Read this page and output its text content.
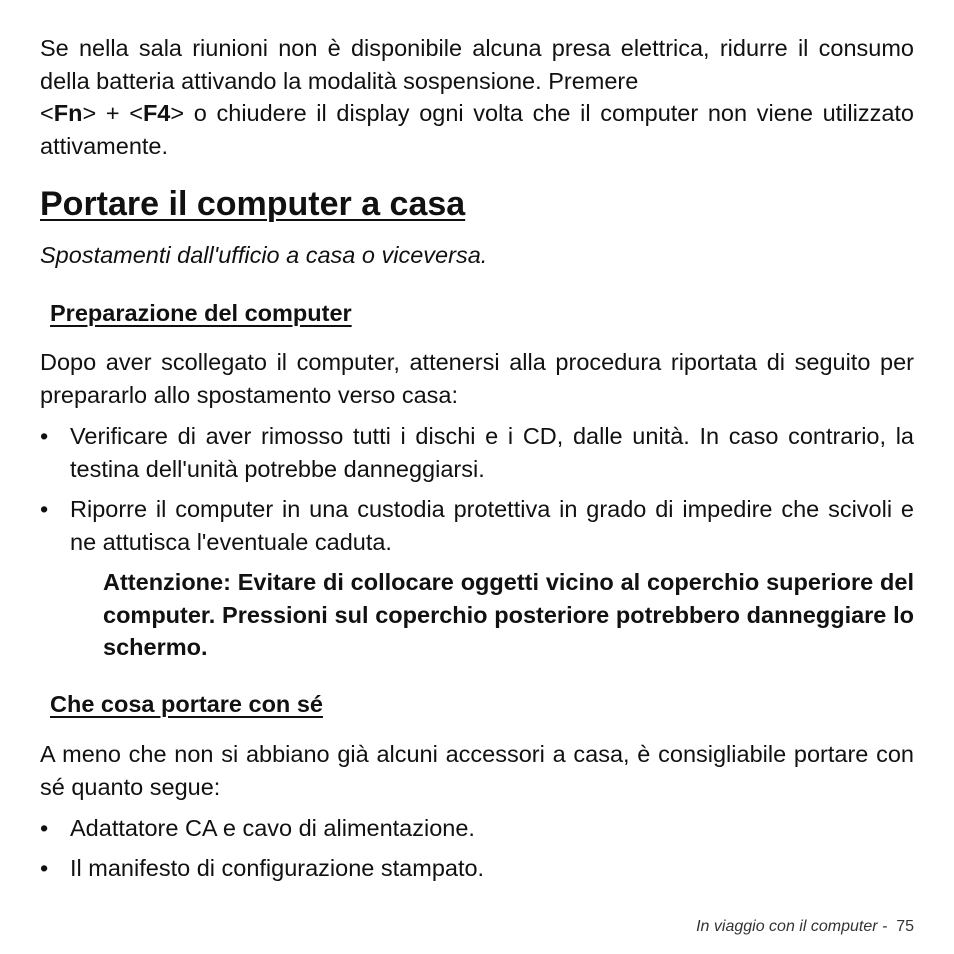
Se nella sala riunioni non è disponibile alcuna presa elettrica, ridurre il consumo della batteria attivando la modalità sospensione. Premere
<Fn> + <F4> o chiudere il display ogni volta che il computer non viene utilizzato attivamente.

Portare il computer a casa

Spostamenti dall'ufficio a casa o viceversa.

Preparazione del computer

Dopo aver scollegato il computer, attenersi alla procedura riportata di seguito per prepararlo allo spostamento verso casa:

• Verificare di aver rimosso tutti i dischi e i CD, dalle unità. In caso contrario, la testina dell'unità potrebbe danneggiarsi.
• Riporre il computer in una custodia protettiva in grado di impedire che scivoli e ne attutisca l'eventuale caduta.

Attenzione: Evitare di collocare oggetti vicino al coperchio superiore del computer. Pressioni sul coperchio posteriore potrebbero danneggiare lo schermo.

Che cosa portare con sé

A meno che non si abbiano già alcuni accessori a casa, è consigliabile portare con sé quanto segue:

• Adattatore CA e cavo di alimentazione.
• Il manifesto di configurazione stampato.

In viaggio con il computer - 75
